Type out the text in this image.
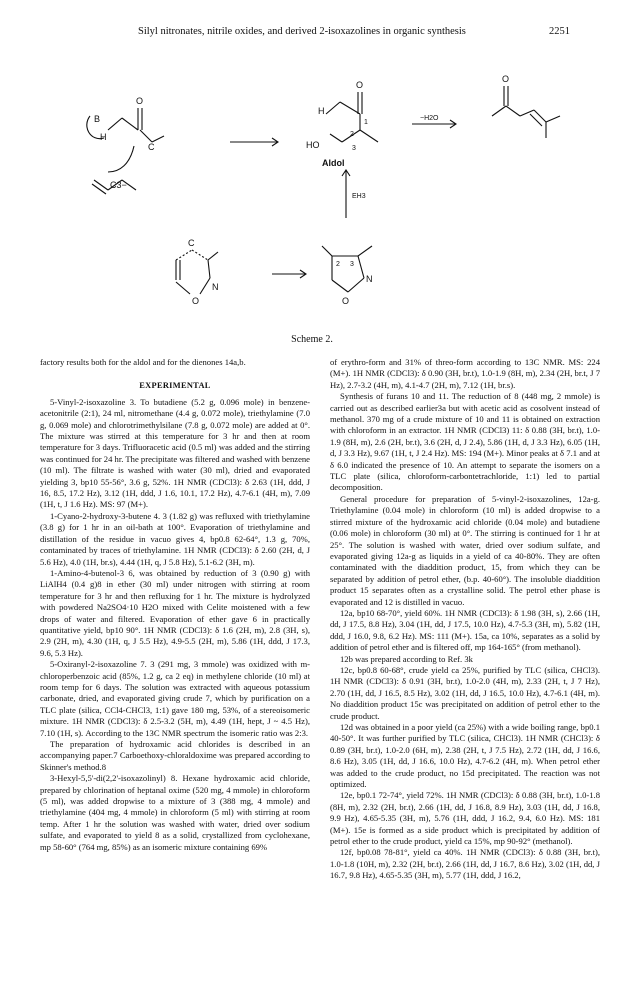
Silyl nitronates, nitrile oxides, and derived 2-isoxazolines in organic synthesis	2251
B
O
H
C
C3−
H
O
HO
1
2
3
Aldol
−H2O
O
EH3
C
N
O
N
O
2 3
Scheme 2.

factory results both for the aldol and for the dienones 14a,b.

EXPERIMENTAL

5-Vinyl-2-isoxazoline 3. To butadiene (5.2 g, 0.096 mole) in benzene-acetonitrile (2:1), 24 ml, nitromethane (4.4 g, 0.072 mole), triethylamine (7.0 g, 0.069 mole) and chlorotrimethylsilane (7.8 g, 0.072 mole) are added at 0°. The mixture was stirred at this temperature for 3 hr and then at room temperature for 3 days. Trifluoracetic acid (0.5 ml) was added and the stirring was continued for 24 hr. The precipitate was filtered and washed with benzene (10 ml). The filtrate is washed with water (30 ml), dried and evaporated yielding 3, bp10 55-56°, 3.6 g, 52%. 1H NMR (CDCl3): δ 2.63 (1H, ddd, J 16, 8.5, 17.2 Hz), 3.12 (1H, ddd, J 1.6, 10.1, 17.2 Hz), 4.7-6.1 (4H, m), 7.09 (1H, t, J 1.6 Hz). MS: 97 (M+).

1-Cyano-2-hydroxy-3-butene 4. 3 (1.82 g) was refluxed with triethylamine (3.8 g) for 1 hr in an oil-bath at 100°. Evaporation of triethylamine and distillation of the residue in vacuo gives 4, bp0.8 62-64°, 1.3 g, 70%, contaminated by traces of triethylamine. 1H NMR (CDCl3): δ 2.60 (2H, d, J 5.6 Hz), 4.0 (1H, br.s), 4.44 (1H, q, J 5.8 Hz), 5.1-6.2 (3H, m).

1-Amino-4-butenol-3 6, was obtained by reduction of 3 (0.90 g) with LiAlH4 (0.4 g)8 in ether (30 ml) under nitrogen with stirring at room temperature for 3 hr and then refluxing for 1 hr. The mixture is hydrolyzed with powdered Na2SO4·10 H2O mixed with Celite moistened with a few drops of water and filtered. Evaporation of ether gave 6 in practically quantitative yield, bp10 90°. 1H NMR (CDCl3): δ 1.6 (2H, m), 2.8 (3H, s), 2.9 (2H, m), 4.30 (1H, q, J 5.5 Hz), 4.9-5.5 (2H, m), 5.86 (1H, ddd, J 17.3, 9.6, 5.3 Hz).

5-Oxiranyl-2-isoxazoline 7. 3 (291 mg, 3 mmole) was oxidized with m-chloroperbenzoic acid (85%, 1.2 g, ca 2 eq) in methylene chloride (10 ml) at room temp for 6 days. The solution was extracted with aqueous potassium carbonate, dried, and evaporated giving crude 7, which by purification on a TLC plate (silica, CCl4-CHCl3, 1:1) gave 180 mg, 53%, of a stereoisomeric mixture. 1H NMR (CDCl3): δ 2.5-3.2 (5H, m), 4.49 (1H, hept, J ~ 4.5 Hz), 7.10 (1H, s). According to the 13C NMR spectrum the isomeric ratio was 2:3.

The preparation of hydroxamic acid chlorides is described in an accompanying paper.7 Carboethoxy-chloraldoxime was prepared according to Skinner's method.8

3-Hexyl-5,5'-di(2,2'-isoxazolinyl) 8. Hexane hydroxamic acid chloride, prepared by chlorination of heptanal oxime (520 mg, 4 mmole) in chloroform (5 ml), was added dropwise to a mixture of 3 (388 mg, 4 mmole) and triethylamine (404 mg, 4 mmole) in chloroform (5 ml) with stirring at room temp. After 1 hr the solution was washed with water, dried over sodium sulfate, and evaporated to yield 8 as a solid, crystallized from cyclohexane, mp 58-60° (764 mg, 85%) as an isomeric mixture containing 69%

of erythro-form and 31% of threo-form according to 13C NMR. MS: 224 (M+). 1H NMR (CDCl3): δ 0.90 (3H, br.t), 1.0-1.9 (8H, m), 2.34 (2H, br.t, J 7 Hz), 2.7-3.2 (4H, m), 4.1-4.7 (2H, m), 7.12 (1H, br.s).

Synthesis of furans 10 and 11. The reduction of 8 (448 mg, 2 mmole) is carried out as described earlier3a but with acetic acid as cosolvent instead of methanol. 370 mg of a crude mixture of 10 and 11 is obtained on extraction with chloroform in an extractor. 1H NMR (CDCl3) 11: δ 0.88 (3H, br.t), 1.0-1.9 (8H, m), 2.6 (2H, br.t), 3.6 (2H, d, J 2.4), 5.86 (1H, d, J 3.3 Hz), 6.05 (1H, d, J 3.3 Hz), 9.67 (1H, t, J 2.4 Hz). MS: 194 (M+). Minor peaks at δ 7.1 and at δ 6.0 indicated the presence of 10. An attempt to separate the isomers on a TLC plate (silica, chloroform-carbontetrachloride, 1:1) led to partial decomposition.

General procedure for preparation of 5-vinyl-2-isoxazolines, 12a-g. Triethylamine (0.04 mole) in chloroform (10 ml) is added dropwise to a stirred mixture of the hydroxamic acid chloride (0.04 mole) and butadiene (0.06 mole) in chloroform (30 ml) at 0°. The stirring is continued for 1 hr at 25°. The solution is washed with water, dried over sodium sulfate, and evaporated giving 12a-g as liquids in a yield of ca 40-80%. They are often contaminated with the diaddition product, 15, from which they can be separated by addition of petrol ether, (b.p. 40-60°). The insoluble diaddition product 15 separates often as a crystalline solid. The petrol ether phase is evaporated and 12 is distilled in vacuo.

12a, bp10 68-70°, yield 60%. 1H NMR (CDCl3): δ 1.98 (3H, s), 2.66 (1H, dd, J 17.5, 8.8 Hz), 3.04 (1H, dd, J 17.5, 10.0 Hz), 4.7-5.3 (3H, m), 5.82 (1H, ddd, J 16.0, 9.8, 6.2 Hz). MS: 111 (M+). 15a, ca 10%, separates as a solid by addition of petrol ether and is filtered off, mp 164-165° (from methanol).

12b was prepared according to Ref. 3k

12c, bp0.8 60-68°, crude yield ca 25%, purified by TLC (silica, CHCl3). 1H NMR (CDCl3): δ 0.91 (3H, br.t), 1.0-2.0 (4H, m), 2.33 (2H, t, J 7 Hz), 2.70 (1H, dd, J 16.5, 8.5 Hz), 3.02 (1H, dd, J 16.5, 10.0 Hz), 4.7-6.1 (4H, m). No diaddition product 15c was precipitated on addition of petrol ether to the crude product.

12d was obtained in a poor yield (ca 25%) with a wide boiling range, bp0.1 40-50°. It was further purified by TLC (silica, CHCl3). 1H NMR (CHCl3): δ 0.89 (3H, br.t), 1.0-2.0 (6H, m), 2.38 (2H, t, J 7.5 Hz), 2.72 (1H, dd, J 16.6, 8.6 Hz), 3.05 (1H, dd, J 16.6, 10.0 Hz), 4.7-6.2 (4H, m). When petrol ether was added to the crude product, no 15d precipitated. The reaction was not optimized.

12e, bp0.1 72-74°, yield 72%. 1H NMR (CDCl3): δ 0.88 (3H, br.t), 1.0-1.8 (8H, m), 2.32 (2H, br.t), 2.66 (1H, dd, J 16.8, 8.9 Hz), 3.03 (1H, dd, J 16.8, 9.9 Hz), 4.65-5.35 (3H, m), 5.76 (1H, ddd, J 16.2, 9.4, 6.0 Hz). MS: 181 (M+). 15e is formed as a side product which is precipitated by addition of petrol ether to the crude product, yield ca 15%, mp 90-92° (methanol).

12f, bp0.08 78-81°, yield ca 40%. 1H NMR (CDCl3): δ 0.88 (3H, br.t), 1.0-1.8 (10H, m), 2.32 (2H, br.t), 2.66 (1H, dd, J 16.7, 8.6 Hz), 3.02 (1H, dd, J 16.7, 9.8 Hz), 4.65-5.35 (3H, m), 5.77 (1H, ddd, J 16.2,
